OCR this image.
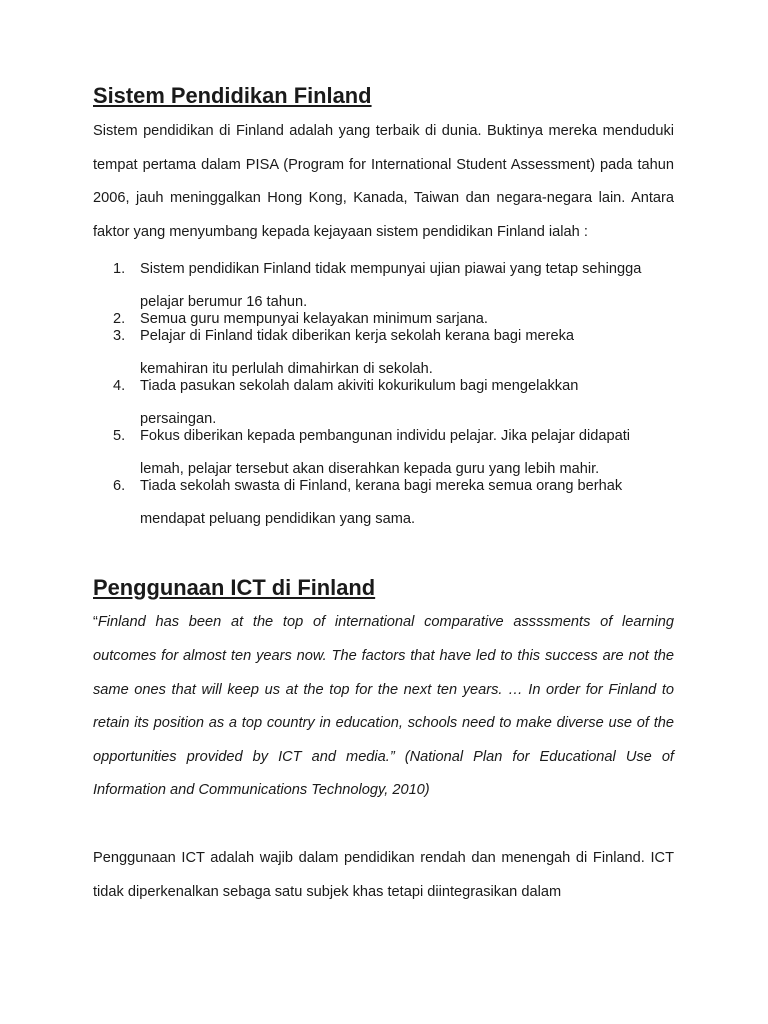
Sistem Pendidikan Finland

Sistem pendidikan di Finland adalah yang terbaik di dunia. Buktinya mereka menduduki tempat pertama dalam PISA (Program for International Student Assessment) pada tahun 2006, jauh meninggalkan Hong Kong, Kanada, Taiwan dan negara-negara lain. Antara faktor yang menyumbang kepada kejayaan sistem pendidikan Finland ialah :

1. Sistem pendidikan Finland tidak mempunyai ujian piawai yang tetap sehingga
pelajar berumur 16 tahun.
2. Semua guru mempunyai kelayakan minimum sarjana.
3. Pelajar di Finland tidak diberikan kerja sekolah kerana bagi mereka
kemahiran itu perlulah dimahirkan di sekolah.
4. Tiada pasukan sekolah dalam akiviti kokurikulum bagi mengelakkan
persaingan.
5. Fokus diberikan kepada pembangunan individu pelajar. Jika pelajar didapati
lemah, pelajar tersebut akan diserahkan kepada guru yang lebih mahir.
6. Tiada sekolah swasta di Finland, kerana bagi mereka semua orang berhak
mendapat peluang pendidikan yang sama.
Penggunaan ICT di Finland

“Finland has been at the top of international comparative assssments of learning outcomes for almost ten years now. The factors that have led to this success are not the same ones that will keep us at the top for the next ten years. … In order for Finland to retain its position as a top country in education, schools need to make diverse use of the opportunities provided by ICT and media.” (National Plan for Educational Use of Information and Communications Technology, 2010)

Penggunaan ICT adalah wajib dalam pendidikan rendah dan menengah di Finland. ICT tidak diperkenalkan sebaga satu subjek khas tetapi diintegrasikan dalam
